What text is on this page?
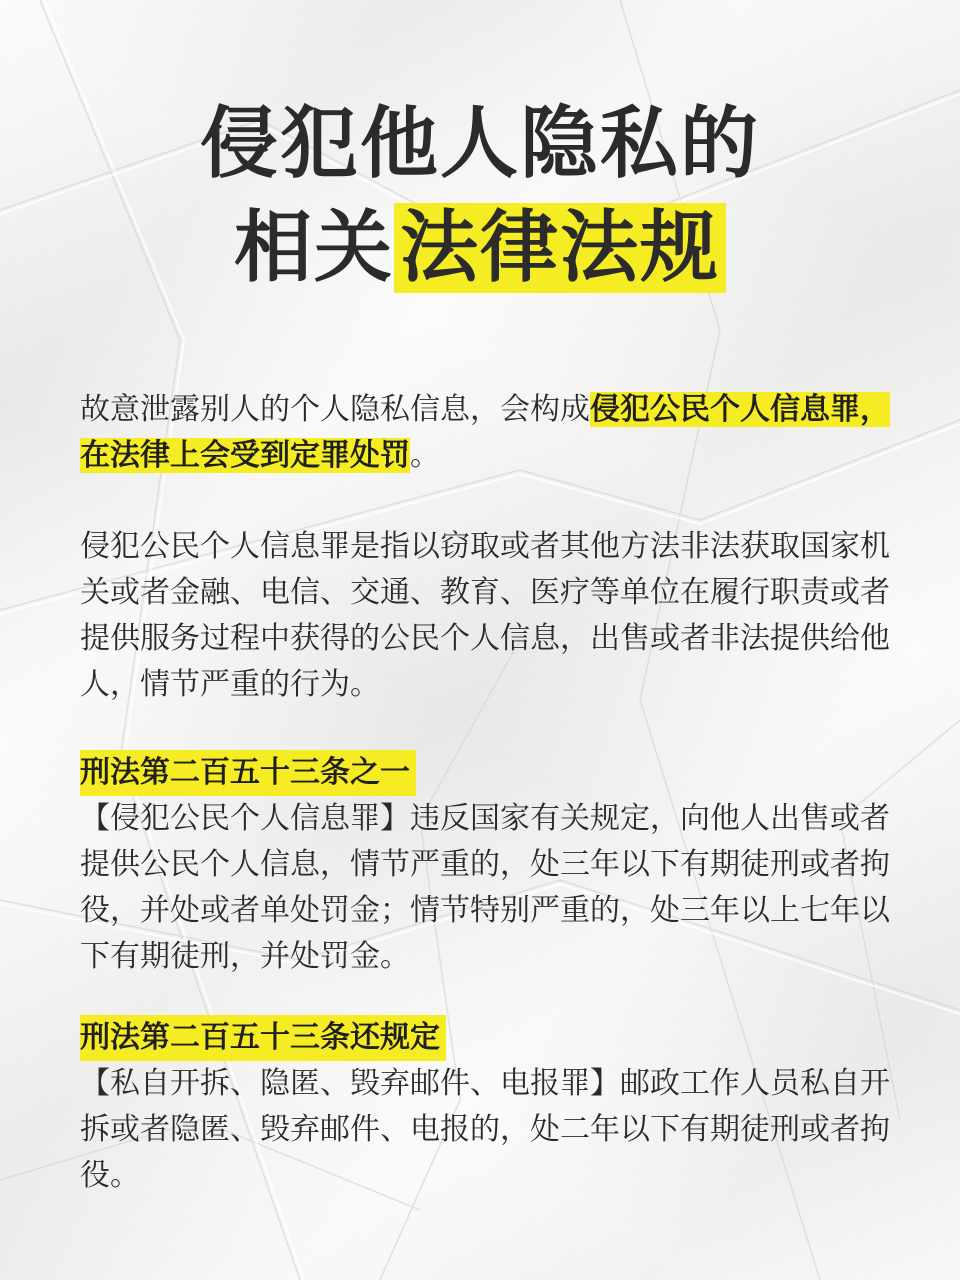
侵犯他人隐私的
相关法律法规

故意泄露别人的个人隐私信息，会构成侵犯公民个人信息罪，在法律上会受到定罪处罚。

侵犯公民个人信息罪是指以窃取或者其他方法非法获取国家机关或者金融、电信、交通、教育、医疗等单位在履行职责或者提供服务过程中获得的公民个人信息，出售或者非法提供给他人，情节严重的行为。

刑法第二百五十三条之一

【侵犯公民个人信息罪】违反国家有关规定，向他人出售或者提供公民个人信息，情节严重的，处三年以下有期徒刑或者拘役，并处或者单处罚金；情节特别严重的，处三年以上七年以下有期徒刑，并处罚金。

刑法第二百五十三条还规定

【私自开拆、隐匿、毁弃邮件、电报罪】邮政工作人员私自开拆或者隐匿、毁弃邮件、电报的，处二年以下有期徒刑或者拘役。
